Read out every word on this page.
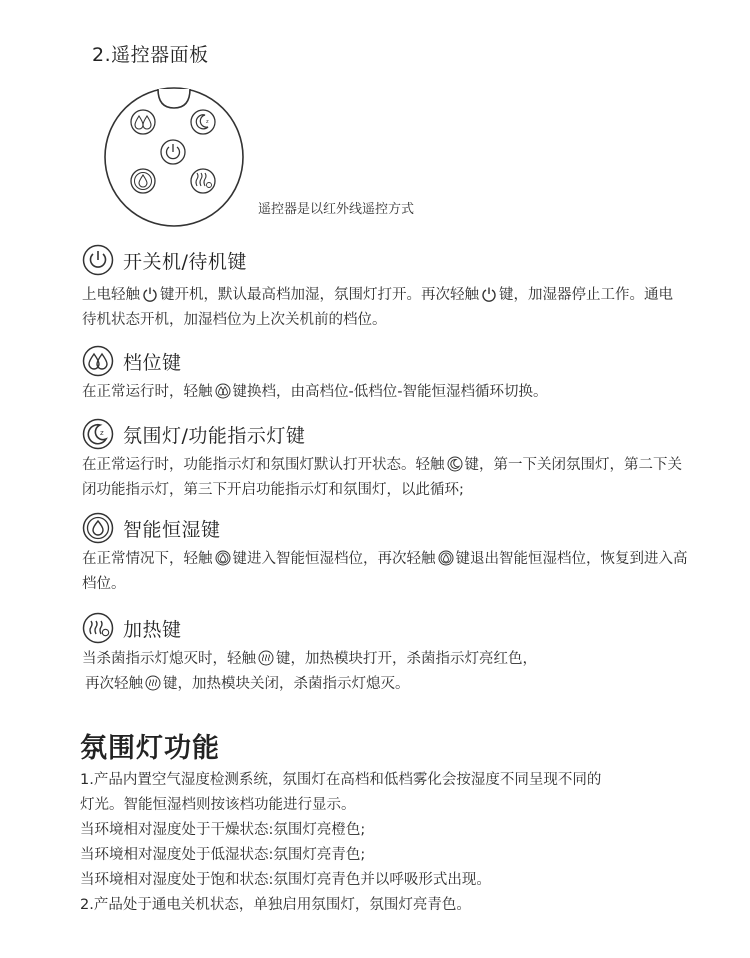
2.遥控器面板
z
遥控器是以红外线遥控方式
开关机/待机键
上电轻触 键开机，默认最高档加湿，氛围灯打开。再次轻触 键，加湿器停止工作。通电待机状态开机，加湿档位为上次关机前的档位。
档位键
在正常运行时，轻触 键换档，由高档位-低档位-智能恒湿档循环切换。
z 氛围灯/功能指示灯键
在正常运行时，功能指示灯和氛围灯默认打开状态。轻触 键，第一下关闭氛围灯，第二下关闭功能指示灯，第三下开启功能指示灯和氛围灯，以此循环;
智能恒湿键
在正常情况下，轻触 键进入智能恒湿档位，再次轻触 键退出智能恒湿档位，恢复到进入高档位。
加热键
当杀菌指示灯熄灭时，轻触 键，加热模块打开，杀菌指示灯亮红色，
再次轻触 键，加热模块关闭，杀菌指示灯熄灭。
氛围灯功能
1.产品内置空气湿度检测系统，氛围灯在高档和低档雾化会按湿度不同呈现不同的
灯光。智能恒湿档则按该档功能进行显示。
当环境相对湿度处于干燥状态:氛围灯亮橙色;
当环境相对湿度处于低湿状态:氛围灯亮青色;
当环境相对湿度处于饱和状态:氛围灯亮青色并以呼吸形式出现。
2.产品处于通电关机状态，单独启用氛围灯，氛围灯亮青色。
